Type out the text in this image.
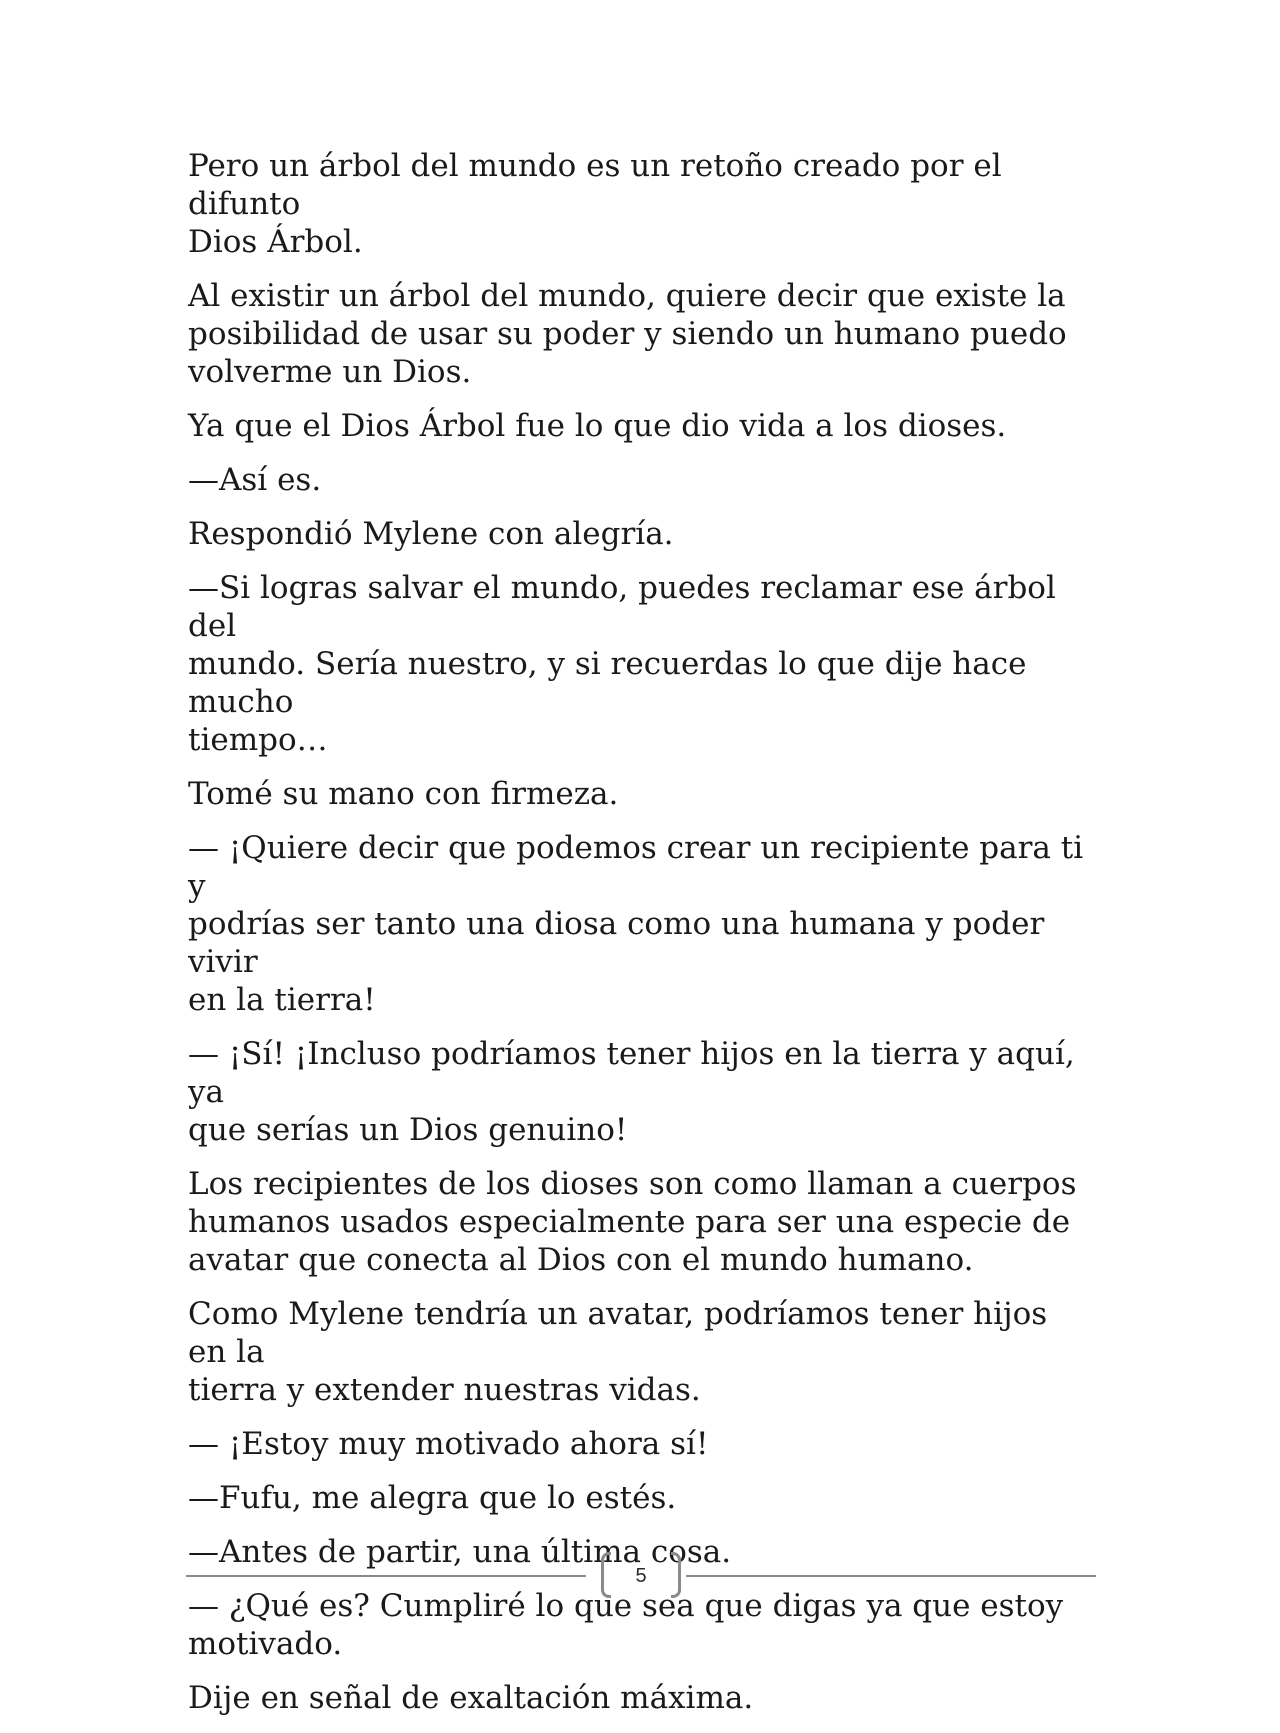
Pero un árbol del mundo es un retoño creado por el difunto
Dios Árbol.

Al existir un árbol del mundo, quiere decir que existe la
posibilidad de usar su poder y siendo un humano puedo
volverme un Dios.

Ya que el Dios Árbol fue lo que dio vida a los dioses.

—Así es.

Respondió Mylene con alegría.

—Si logras salvar el mundo, puedes reclamar ese árbol del
mundo. Sería nuestro, y si recuerdas lo que dije hace mucho
tiempo…

Tomé su mano con firmeza.

— ¡Quiere decir que podemos crear un recipiente para ti y
podrías ser tanto una diosa como una humana y poder vivir
en la tierra!

— ¡Sí! ¡Incluso podríamos tener hijos en la tierra y aquí, ya
que serías un Dios genuino!

Los recipientes de los dioses son como llaman a cuerpos
humanos usados especialmente para ser una especie de
avatar que conecta al Dios con el mundo humano.

Como Mylene tendría un avatar, podríamos tener hijos en la
tierra y extender nuestras vidas.

— ¡Estoy muy motivado ahora sí!

—Fufu, me alegra que lo estés.

—Antes de partir, una última cosa.

— ¿Qué es? Cumpliré lo que sea que digas ya que estoy
motivado.

Dije en señal de exaltación máxima.

5
